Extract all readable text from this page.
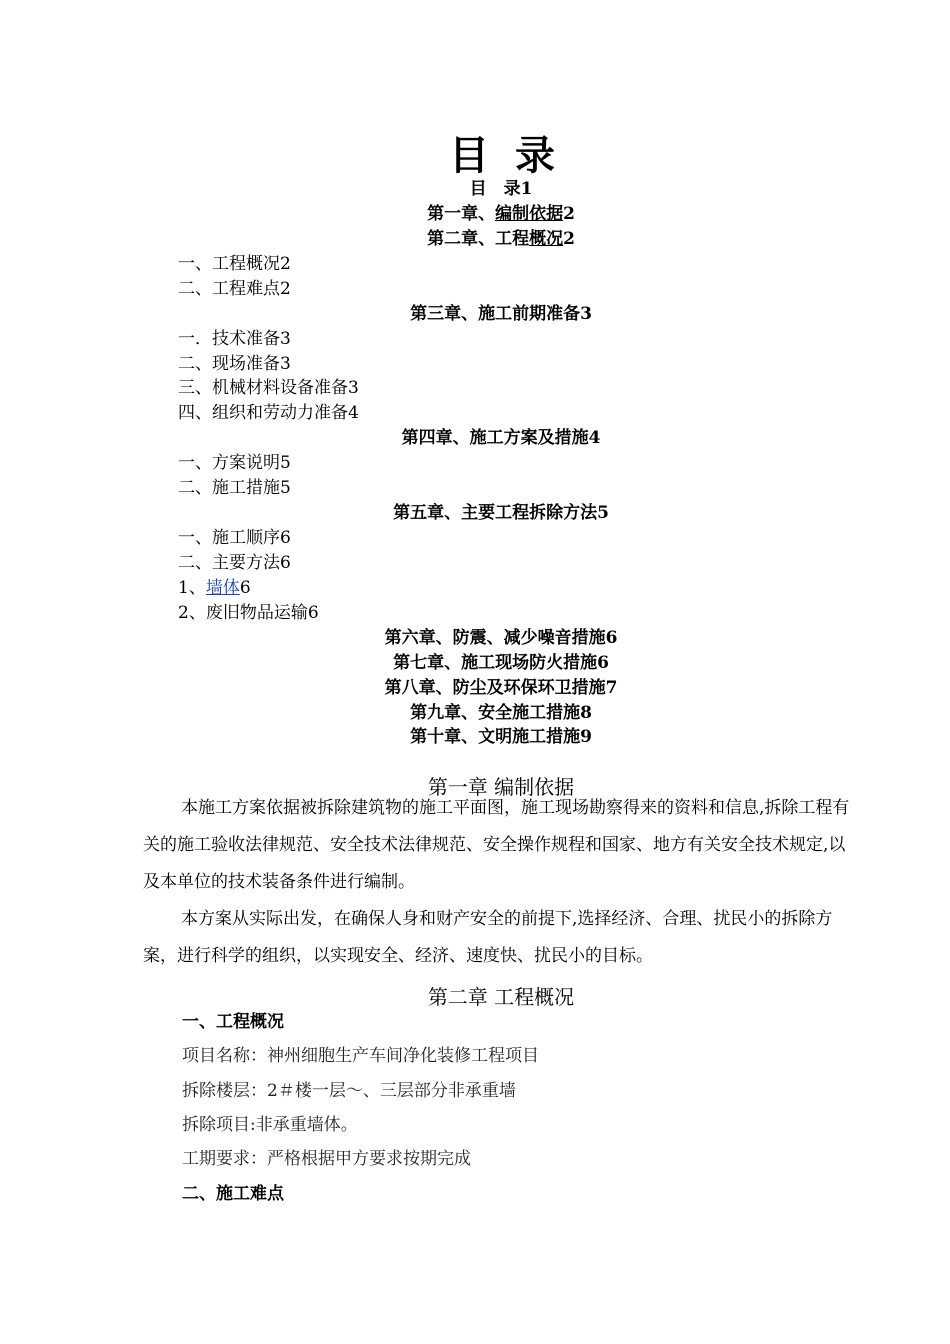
目 录
目　录1
第一章、编制依据2
第二章、工程概况2
一、工程概况2
二、工程难点2
第三章、施工前期准备3
一．技术准备3
二、现场准备3
三、机械材料设备准备3
四、组织和劳动力准备4
第四章、施工方案及措施4
一、方案说明5
二、施工措施5
第五章、主要工程拆除方法5
一、施工顺序6
二、主要方法6
1、墙体6
2、废旧物品运输6
第六章、防震、减少噪音措施6
第七章、施工现场防火措施6
第八章、防尘及环保环卫措施7
第九章、安全施工措施8
第十章、文明施工措施9
第一章 编制依据
本施工方案依据被拆除建筑物的施工平面图，施工现场勘察得来的资料和信息,拆除工程有关的施工验收法律规范、安全技术法律规范、安全操作规程和国家、地方有关安全技术规定,以及本单位的技术装备条件进行编制。
本方案从实际出发，在确保人身和财产安全的前提下,选择经济、合理、扰民小的拆除方案，进行科学的组织，以实现安全、经济、速度快、扰民小的目标。
第二章 工程概况
一、工程概况
项目名称：神州细胞生产车间净化装修工程项目
拆除楼层：2＃楼一层～、三层部分非承重墙
拆除项目:非承重墙体。
工期要求：严格根据甲方要求按期完成
二、施工难点
